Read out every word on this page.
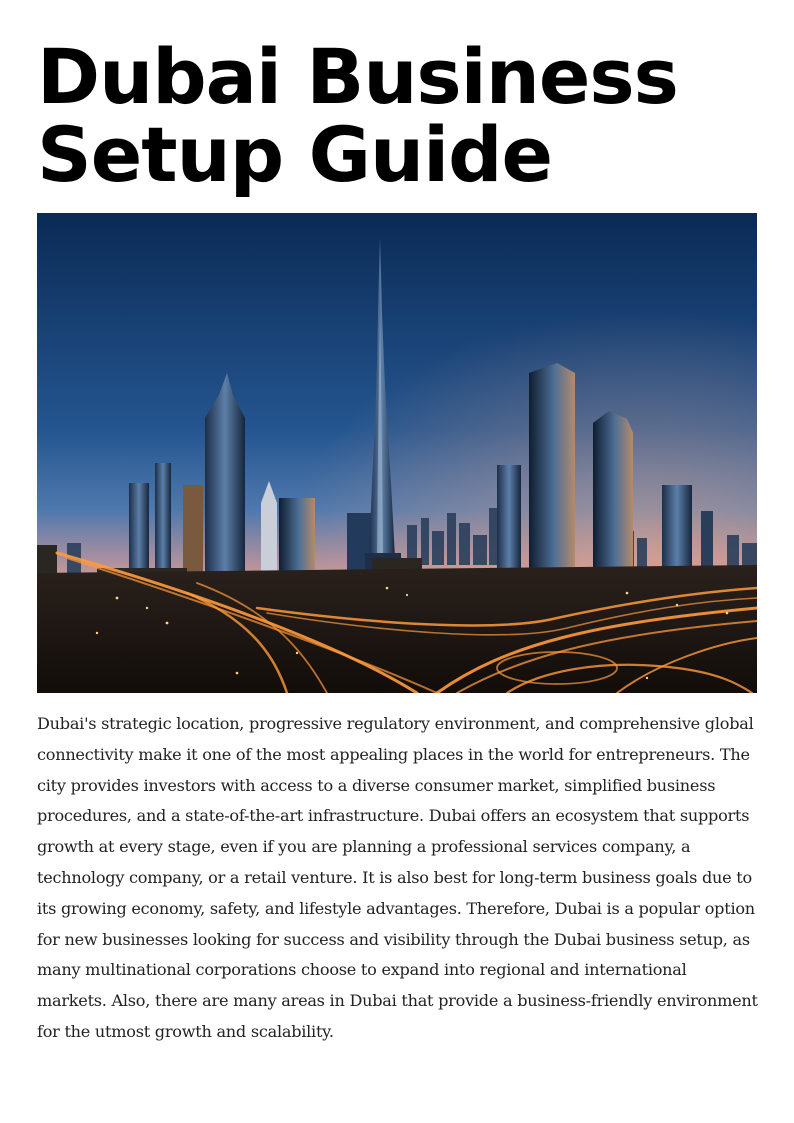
Dubai Business Setup Guide

Dubai's strategic location, progressive regulatory environment, and comprehensive global connectivity make it one of the most appealing places in the world for entrepreneurs. The city provides investors with access to a diverse consumer market, simplified business procedures, and a state-of-the-art infrastructure. Dubai offers an ecosystem that supports growth at every stage, even if you are planning a professional services company, a technology company, or a retail venture. It is also best for long-term business goals due to its growing economy, safety, and lifestyle advantages. Therefore, Dubai is a popular option for new businesses looking for success and visibility through the Dubai business setup, as many multinational corporations choose to expand into regional and international markets. Also, there are many areas in Dubai that provide a business-friendly environment for the utmost growth and scalability.
